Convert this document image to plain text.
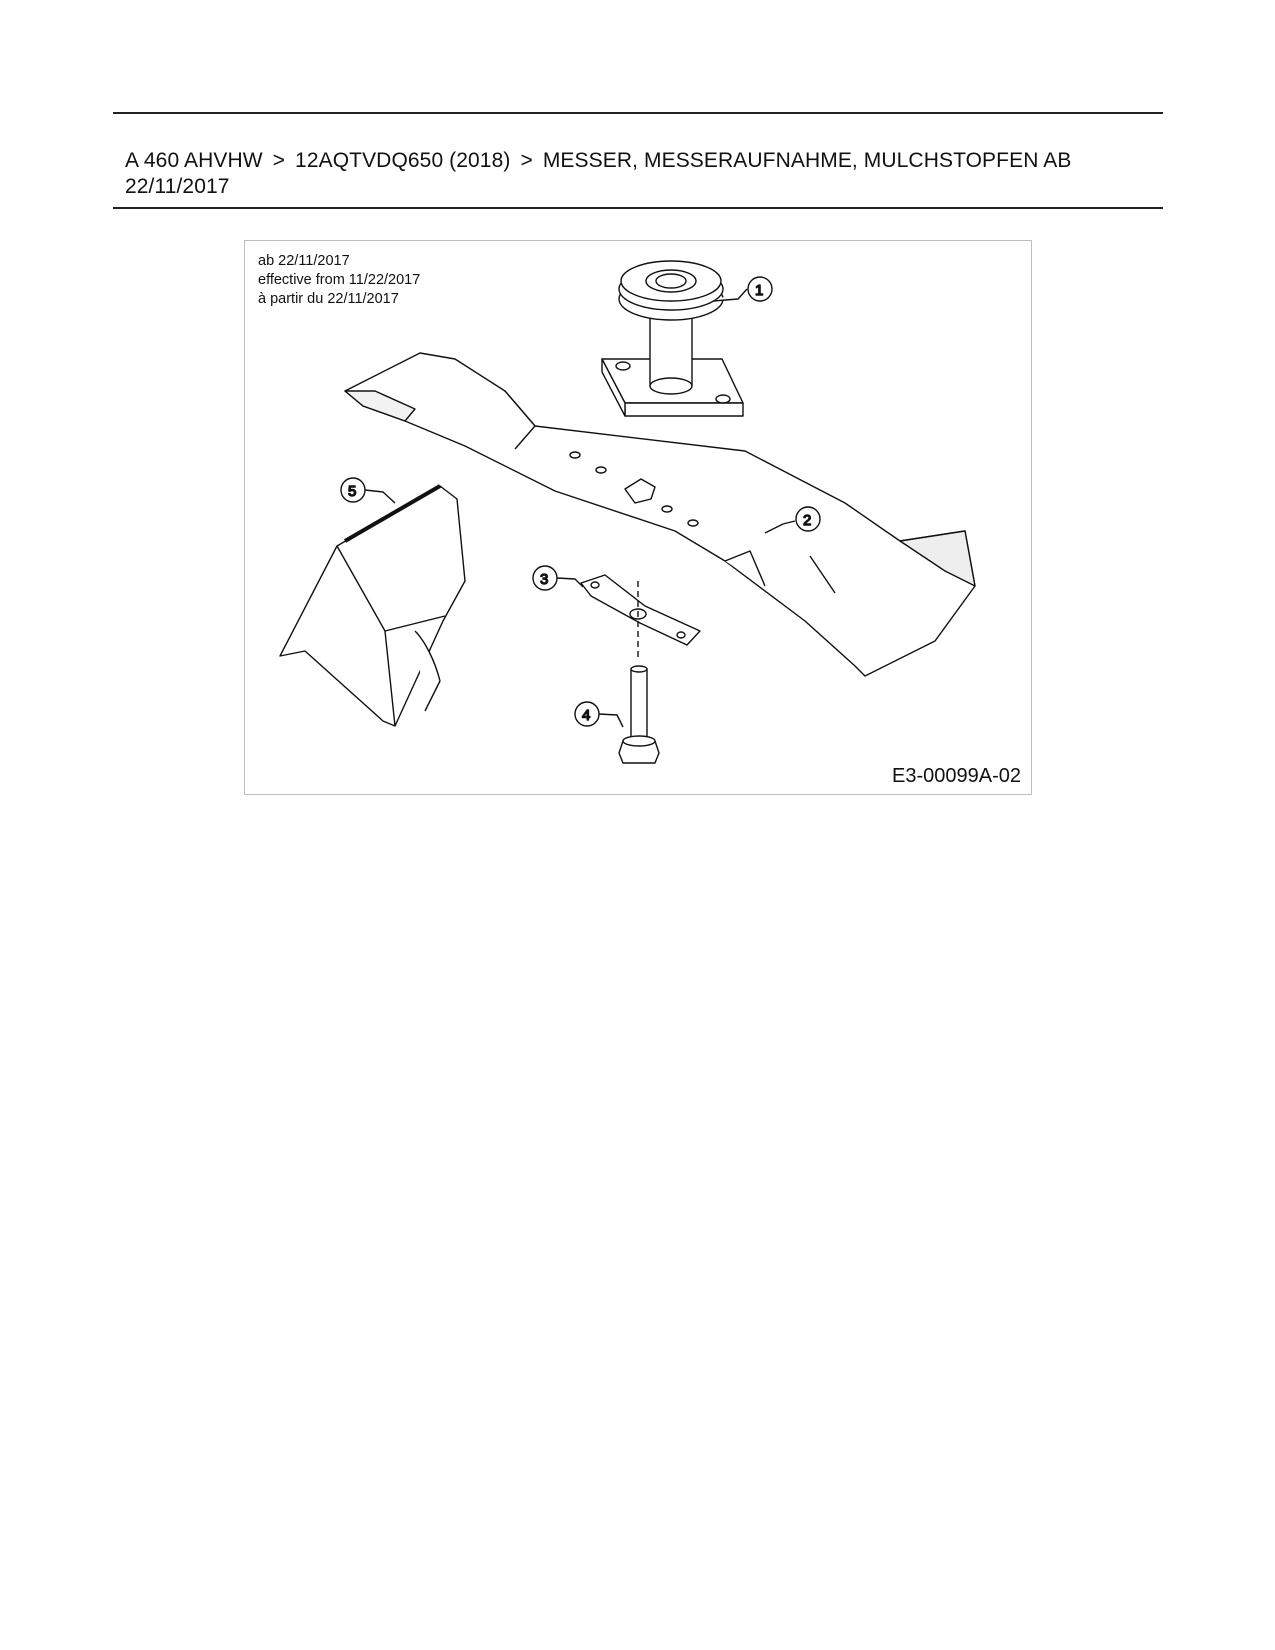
A 460 AHVHW > 12AQTVDQ650 (2018) > MESSER, MESSERAUFNAHME, MULCHSTOPFEN AB 22/11/2017
1
2
3
4
5
ab 22/11/2017
effective from 11/22/2017
à partir du 22/11/2017
E3-00099A-02
